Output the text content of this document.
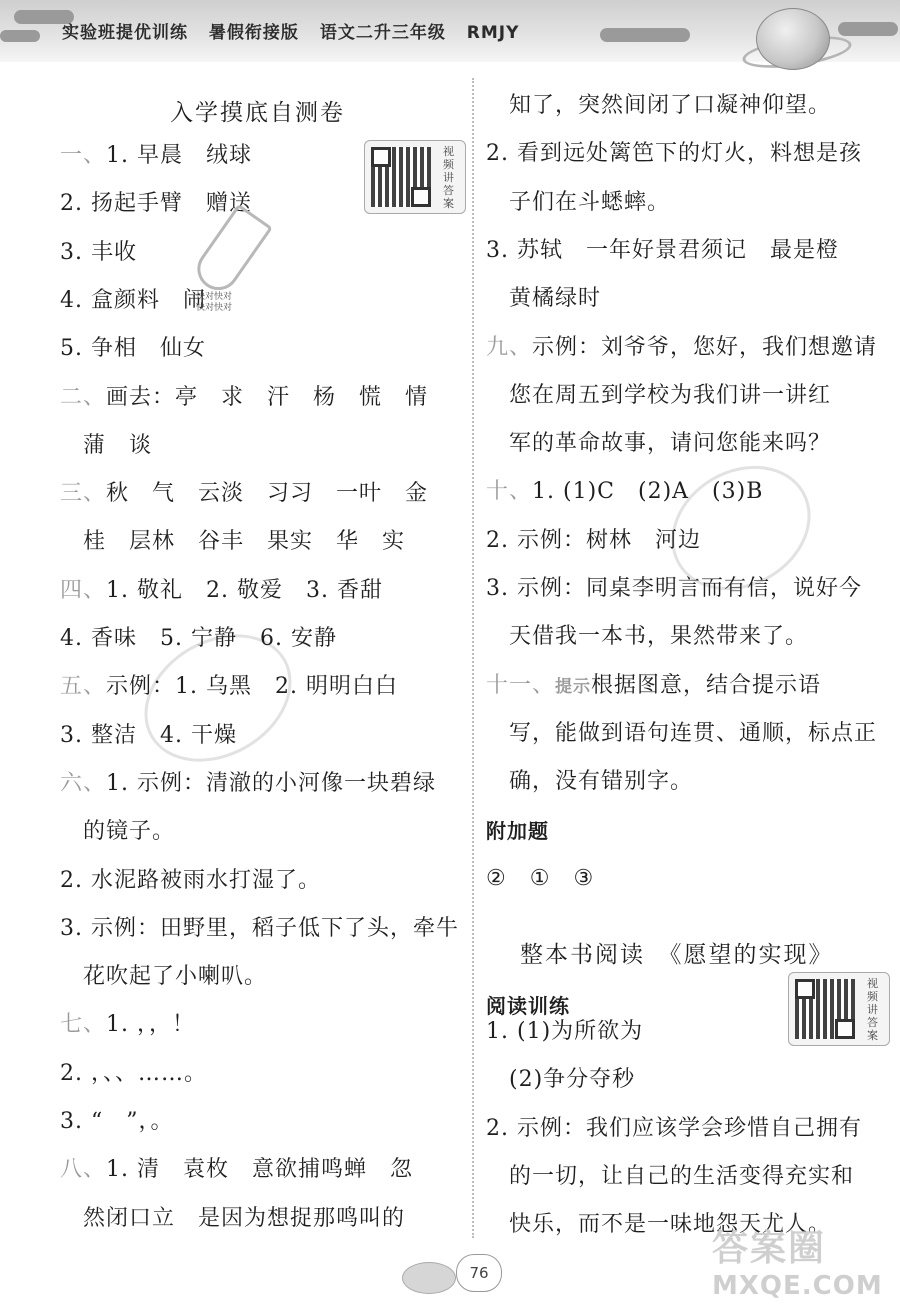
实验班提优训练 暑假衔接版 语文二升三年级 RMJY
入学摸底自测卷
一、1. 早晨　绒球
2. 扬起手臂　赠送
3. 丰收
4. 盒颜料　闹
5. 争相　仙女
二、画去：亭　求　汗　杨　慌　情
　蒲　谈
三、秋　气　云淡　习习　一叶　金
　桂　层林　谷丰　果实　华　实
四、1. 敬礼　2. 敬爱　3. 香甜
4. 香味　5. 宁静　6. 安静
五、示例：1. 乌黑　2. 明明白白
3. 整洁　4. 干燥
六、1. 示例：清澈的小河像一块碧绿
　的镜子。
2. 水泥路被雨水打湿了。
3. 示例：田野里，稻子低下了头，牵牛
　花吹起了小喇叭。
七、1. ，，！
2. ，、、……。
3. “　”，。
八、1. 清　袁枚　意欲捕鸣蝉　忽
　然闭口立　是因为想捉那鸣叫的
视频讲答案
快对快对
快对快对
　知了，突然间闭了口凝神仰望。
2. 看到远处篱笆下的灯火，料想是孩
　子们在斗蟋蟀。
3. 苏轼　一年好景君须记　最是橙
　黄橘绿时
九、示例：刘爷爷，您好，我们想邀请
　您在周五到学校为我们讲一讲红
　军的革命故事，请问您能来吗？
十、1. (1)C　(2)A　(3)B
2. 示例：树林　河边
3. 示例：同桌李明言而有信，说好今
　天借我一本书，果然带来了。
十一、提示根据图意，结合提示语
　写，能做到语句连贯、通顺，标点正
　确，没有错别字。
附加题
②　①　③
整本书阅读　《愿望的实现》
阅读训练
1. (1)为所欲为
　(2)争分夺秒
2. 示例：我们应该学会珍惜自己拥有
　的一切，让自己的生活变得充实和
　快乐，而不是一味地怨天尤人。
视频讲答案
76
答案圈
MXQE.COM
